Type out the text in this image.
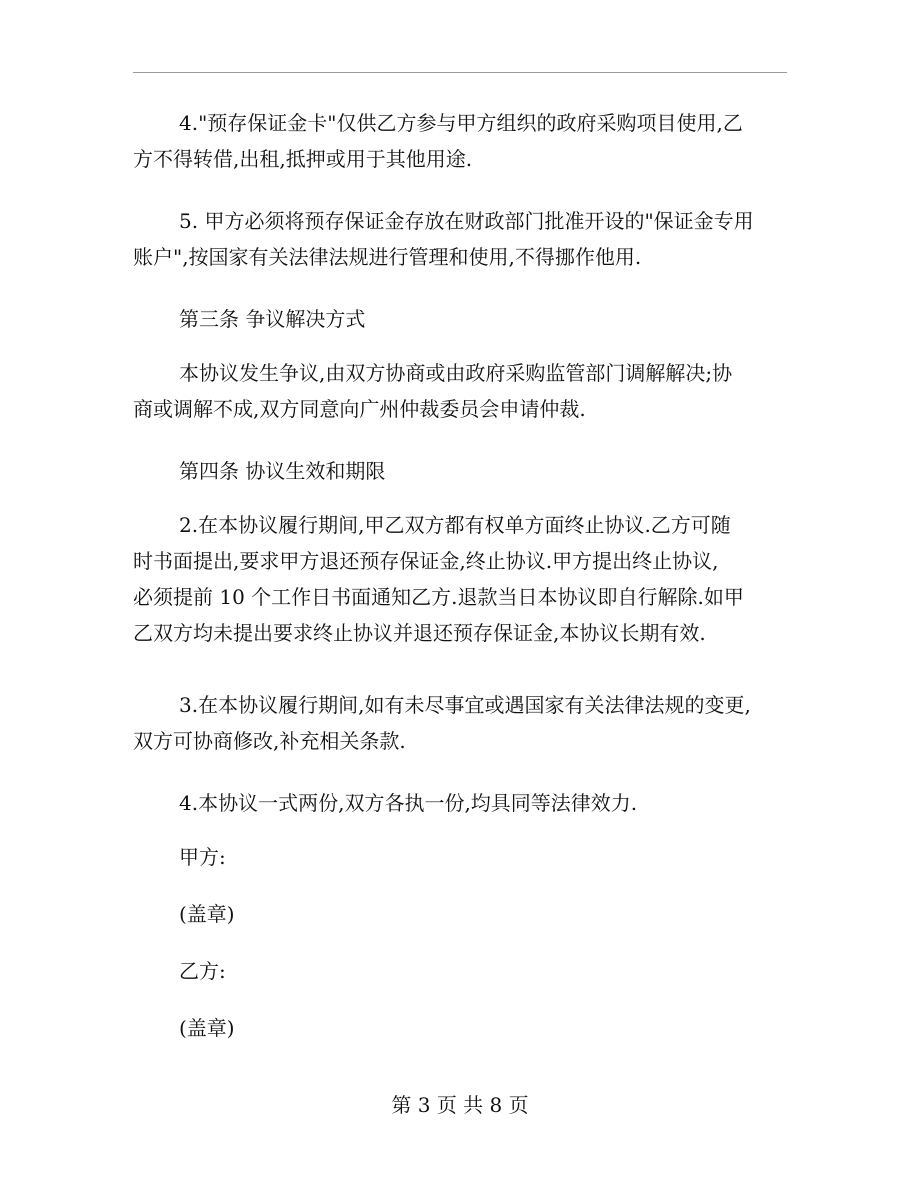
4."预存保证金卡"仅供乙方参与甲方组织的政府采购项目使用,乙
方不得转借,出租,抵押或用于其他用途.

5. 甲方必须将预存保证金存放在财政部门批准开设的"保证金专用
账户",按国家有关法律法规进行管理和使用,不得挪作他用.

第三条 争议解决方式

本协议发生争议,由双方协商或由政府采购监管部门调解解决;协
商或调解不成,双方同意向广州仲裁委员会申请仲裁.

第四条 协议生效和期限

2.在本协议履行期间,甲乙双方都有权单方面终止协议.乙方可随
时书面提出,要求甲方退还预存保证金,终止协议.甲方提出终止协议,
必须提前 10 个工作日书面通知乙方.退款当日本协议即自行解除.如甲
乙双方均未提出要求终止协议并退还预存保证金,本协议长期有效.

3.在本协议履行期间,如有未尽事宜或遇国家有关法律法规的变更,
双方可协商修改,补充相关条款.

4.本协议一式两份,双方各执一份,均具同等法律效力.

甲方:

(盖章)

乙方:

(盖章)

第 3 页 共 8 页
